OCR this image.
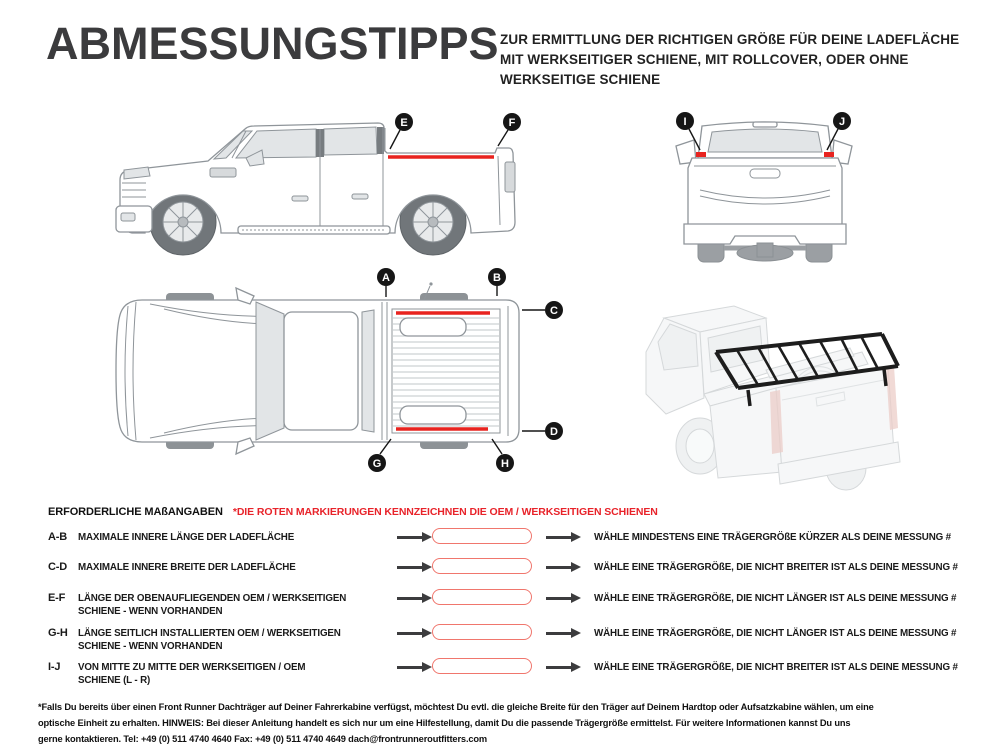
ABMESSUNGSTIPPS ZUR ERMITTLUNG DER RICHTIGEN GRÖßE FÜR DEINE LADEFLÄCHE
MIT WERKSEITIGER SCHIENE, MIT ROLLCOVER, ODER OHNE
WERKSEITIGE SCHIENE
E	F	I	J
A	B
C
D
G	H
ERFORDERLICHE MAßANGABEN *DIE ROTEN MARKIERUNGEN KENNZEICHNEN DIE OEM / WERKSEITIGEN SCHIENEN
A-B	MAXIMALE INNERE LÄNGE DER LADEFLÄCHE	WÄHLE MINDESTENS EINE TRÄGERGRÖßE KÜRZER ALS DEINE MESSUNG #
C-D	MAXIMALE INNERE BREITE DER LADEFLÄCHE	WÄHLE EINE TRÄGERGRÖßE, DIE NICHT BREITER IST ALS DEINE MESSUNG #
E-F	LÄNGE DER OBENAUFLIEGENDEN OEM / WERKSEITIGEN
SCHIENE - WENN VORHANDEN
WÄHLE EINE TRÄGERGRÖßE, DIE NICHT LÄNGER IST ALS DEINE MESSUNG #
G-H	LÄNGE SEITLICH INSTALLIERTEN OEM / WERKSEITIGEN
SCHIENE - WENN VORHANDEN
WÄHLE EINE TRÄGERGRÖßE, DIE NICHT LÄNGER IST ALS DEINE MESSUNG #
I-J	VON MITTE ZU MITTE DER WERKSEITIGEN / OEM
SCHIENE (L - R)
WÄHLE EINE TRÄGERGRÖßE, DIE NICHT BREITER IST ALS DEINE MESSUNG #
*Falls Du bereits über einen Front Runner Dachträger auf Deiner Fahrerkabine verfügst, möchtest Du evtl. die gleiche Breite für den Träger auf Deinem Hardtop oder Aufsatzkabine wählen, um eine
optische Einheit zu erhalten. HINWEIS: Bei dieser Anleitung handelt es sich nur um eine Hilfestellung, damit Du die passende Trägergröße ermittelst. Für weitere Informationen kannst Du uns
gerne kontaktieren. Tel: +49 (0) 511 4740 4640 Fax: +49 (0) 511 4740 4649 dach@frontrunneroutfitters.com
